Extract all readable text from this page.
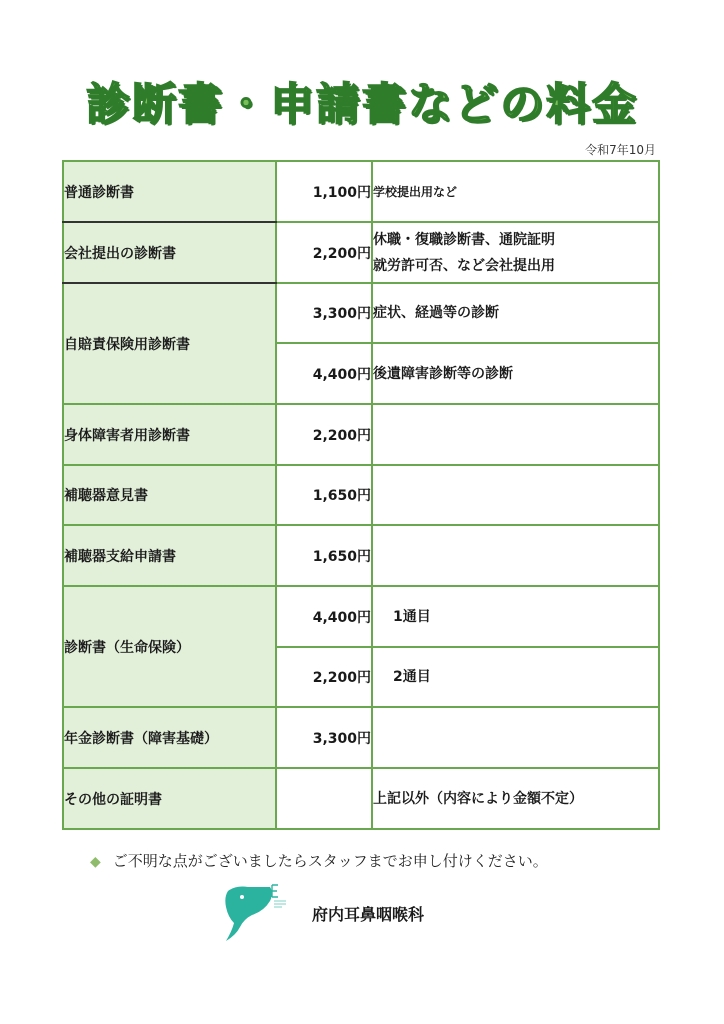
診断書・申請書などの料金
令和7年10月
普通診断書	1,100円	学校提出用など
会社提出の診断書	2,200円	休職・復職診断書、通院証明
就労許可否、など会社提出用

自賠責保険用診断書	3,300円	症状、経過等の診断
	4,400円	後遺障害診断等の診断
身体障害者用診断書	2,200円	
補聴器意見書	1,650円	
補聴器支給申請書	1,650円	
診断書（生命保険）	4,400円	1通目
	2,200円	2通目
年金診断書（障害基礎）	3,300円	
その他の証明書		上記以外（内容により金額不定）
◆ ご不明な点がございましたらスタッフまでお申し付けください。
府内耳鼻咽喉科
